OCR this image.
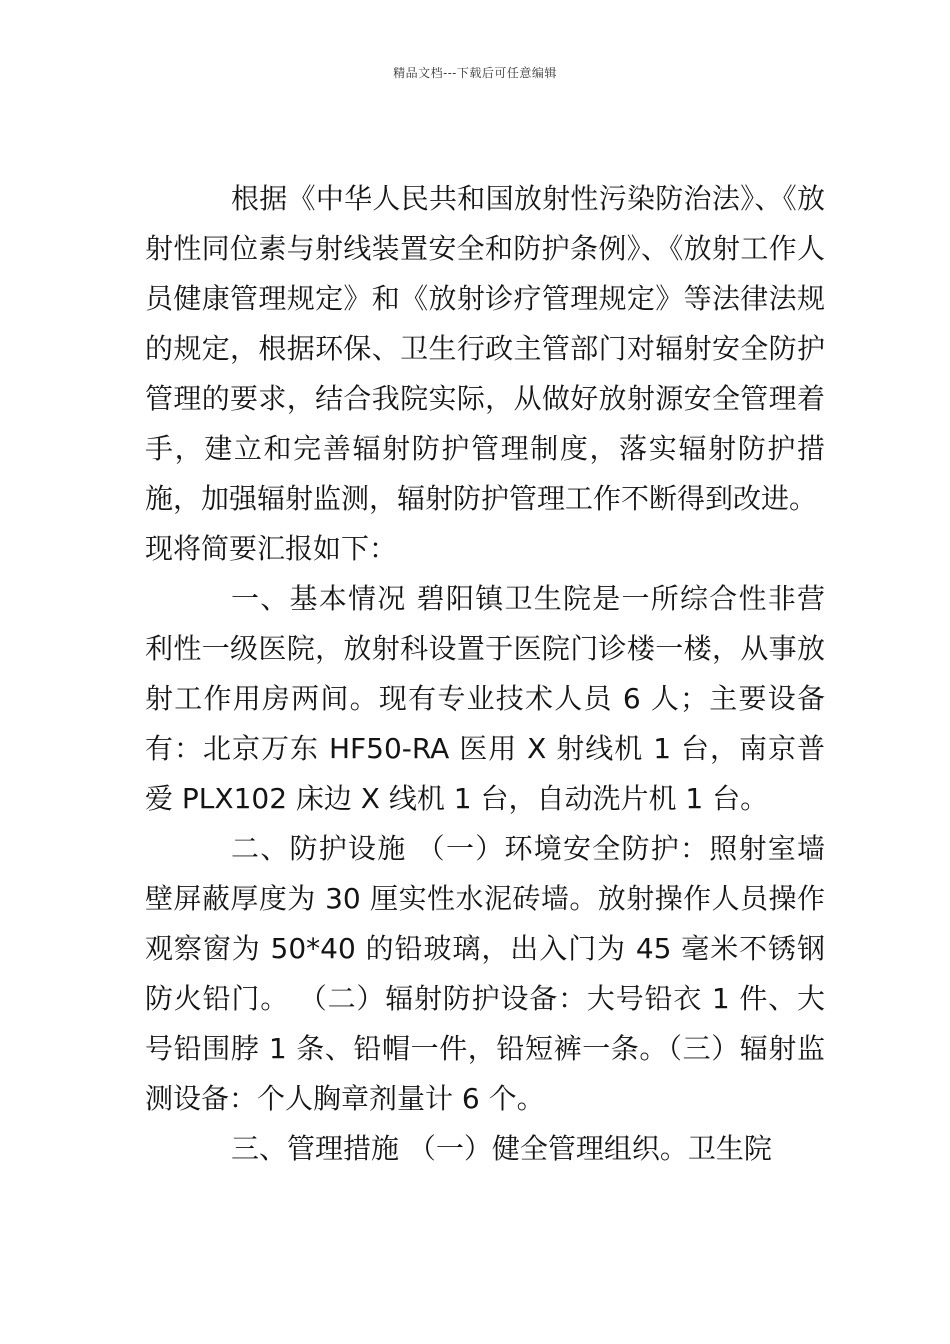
精品文档---下载后可任意编辑

根据《中华人民共和国放射性污染防治法》、《放射性同位素与射线装置安全和防护条例》、《放射工作人员健康管理规定》和《放射诊疗管理规定》等法律法规的规定，根据环保、卫生行政主管部门对辐射安全防护管理的要求，结合我院实际，从做好放射源安全管理着手，建立和完善辐射防护管理制度，落实辐射防护措施，加强辐射监测，辐射防护管理工作不断得到改进。

现将简要汇报如下：

一、基本情况 碧阳镇卫生院是一所综合性非营利性一级医院，放射科设置于医院门诊楼一楼，从事放射工作用房两间。现有专业技术人员 6 人；主要设备有：北京万东 HF50-RA 医用 X 射线机 1 台，南京普爱 PLX102 床边 X 线机 1 台，自动洗片机 1 台。

二、防护设施 （一）环境安全防护：照射室墙壁屏蔽厚度为 30 厘实性水泥砖墙。放射操作人员操作观察窗为 50*40 的铅玻璃，出入门为 45 毫米不锈钢防火铅门。 （二）辐射防护设备：大号铅衣 1 件、大号铅围脖 1 条、铅帽一件，铅短裤一条。（三）辐射监测设备：个人胸章剂量计 6 个。

三、管理措施 （一）健全管理组织。卫生院
